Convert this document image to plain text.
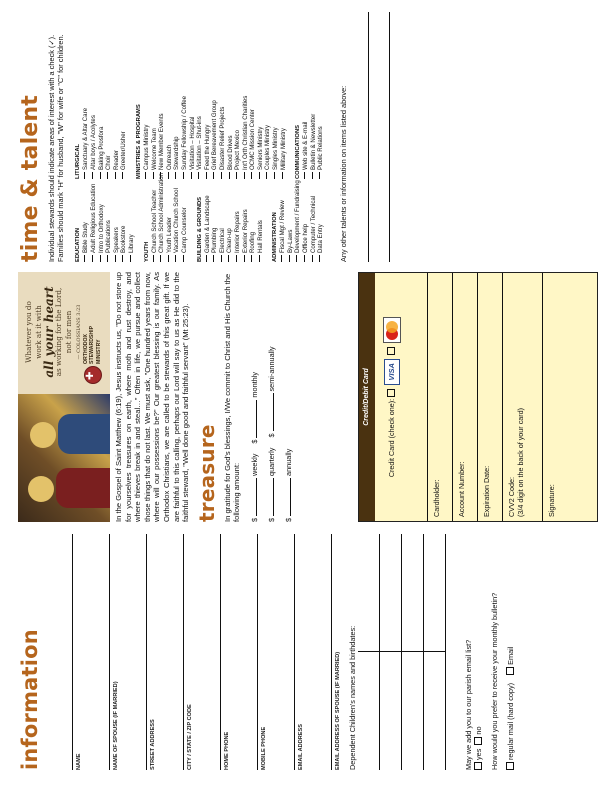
information	NAME	NAME OF SPOUSE (IF MARRIED)	STREET ADDRESS	CITY / STATE / ZIP CODE	HOME PHONE	MOBILE PHONE	EMAIL ADDRESS	EMAIL ADDRESS OF SPOUSE (IF MARRIED) Dependent Children's names and birthdates:	May we add you to our parish email list? yes  no How would you prefer to receive your monthly bulletin? regular mail (hard copy)    Email
Whatever you do work at it with all your heart
as working for the Lord, not for men — COLOSSIANS 3:23
✚ ORTHODOX STEWARDSHIP MINISTRY In the Gospel of Saint Matthew (6:19), Jesus instructs us, "Do not store up for yourselves treasures on earth, where moth and rust destroy, and where thieves break in and steal…" Often in life, we pursue and collect those things that do not last. We must ask, "One hundred years from now, where will our possessions be?" Our greatest blessing is our family. As Orthodox Christians, we are called to be stewards of this great gift. If we are faithful to this calling, perhaps our Lord will say to us as He did to the faithful steward, "Well done good and faithful servant" (Mt 25:23). treasure In gratitude for God's blessings, I/We commit to Christ and His Church the following amount:	$weekly
$monthly
$quarterly
$semi-annually
$annually
Credit/Debit Card
Credit Card (check one):  VISA
Cardholder:	Account Number:	Expiration Date:	CVV2 Code: (3/4 digit on the back of your card)	Signature:
time & talent Individual stewards should indicate areas of interest with a check (✓). Families should mark "H" for husband, "W" for wife or "C" for children. EDUCATION Bible Study Adult Religious Education Intro to Orthodoxy Publications Speakers Bookstore Library YOUTH Church School Teacher Church School Administration Youth Leader Vacation Church School Camp Counselor BUILDING & GROUNDS Garden & Landscape Plumbing Electrical Clean-up Interior Repairs Exterior Repairs Roofing Hall Rentals ADMINISTRATION Fiscal Mgt / Review By-Laws Development / Fundraising Office help Computer / Technical Data Entry
LITURGICAL Sanctuary & Altar Care Altar boys / Acolytes Baking Prosfora Choir Reader Greeter/Usher MINISTRIES & PROGRAMS Campus Ministry Welcome Team New Member Events Outreach Stewardship Sunday Fellowship / Coffee Visitation – Hospital Visitation – Shut-ins Feed the Hungry Grief Bereavement Group Disaster Relief Projects Blood Drives Project Mexico Int'l Orth Christian Charities OCMC Mission Center Seniors Ministry Couples Ministry Singles Ministry Military Ministry COMMUNICATIONS Web site & E-mail Bulletin & Newsletter Public Relations Any other talents or information on items listed above:
